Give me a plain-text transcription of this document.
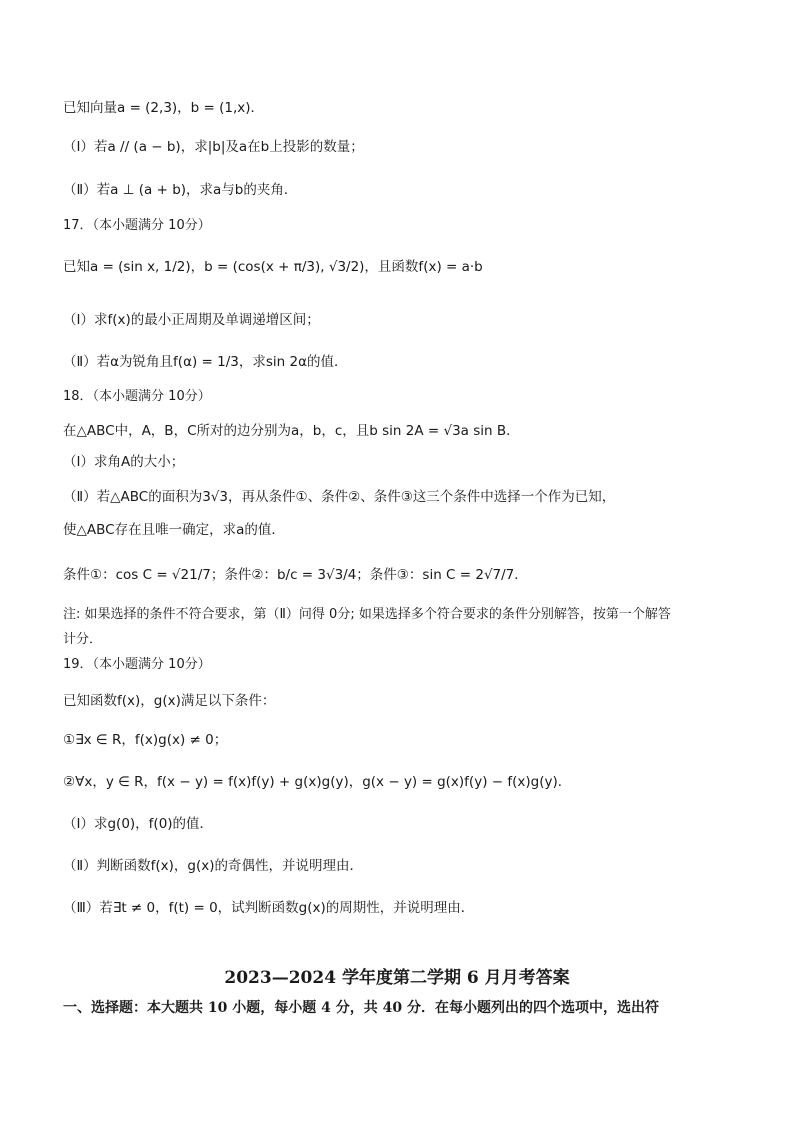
已知向量a = (2,3)，b = (1,x)．
（Ⅰ）若a // (a − b)，求|b|及a在b上投影的数量；
（Ⅱ）若a ⊥ (a + b)，求a与b的夹角．
17．（本小题满分 10分）
已知a = (sin x, 1/2)，b = (cos(x + π/3), √3/2)，且函数f(x) = a·b
（Ⅰ）求f(x)的最小正周期及单调递增区间；
（Ⅱ）若α为锐角且f(α) = 1/3，求sin 2α的值．
18．（本小题满分 10分）
在△ABC中，A，B，C所对的边分别为a，b，c，且b sin 2A = √3a sin B．
（Ⅰ）求角A的大小；
（Ⅱ）若△ABC的面积为3√3，再从条件①、条件②、条件③这三个条件中选择一个作为已知，
使△ABC存在且唯一确定，求a的值．
条件①：cos C = √21/7；条件②：b/c = 3√3/4；条件③：sin C = 2√7/7．
注: 如果选择的条件不符合要求，第（Ⅱ）问得 0分; 如果选择多个符合要求的条件分别解答，按第一个解答
计分．
19．（本小题满分 10分）
已知函数f(x)，g(x)满足以下条件：
①∃x ∈ R，f(x)g(x) ≠ 0；
②∀x，y ∈ R，f(x − y) = f(x)f(y) + g(x)g(y)，g(x − y) = g(x)f(y) − f(x)g(y)．
（Ⅰ）求g(0)，f(0)的值．
（Ⅱ）判断函数f(x)，g(x)的奇偶性，并说明理由．
（Ⅲ）若∃t ≠ 0，f(t) = 0，试判断函数g(x)的周期性，并说明理由．
2023—2024 学年度第二学期 6 月月考答案
一、选择题：本大题共 10 小题，每小题 4 分，共 40 分．在每小题列出的四个选项中，选出符
